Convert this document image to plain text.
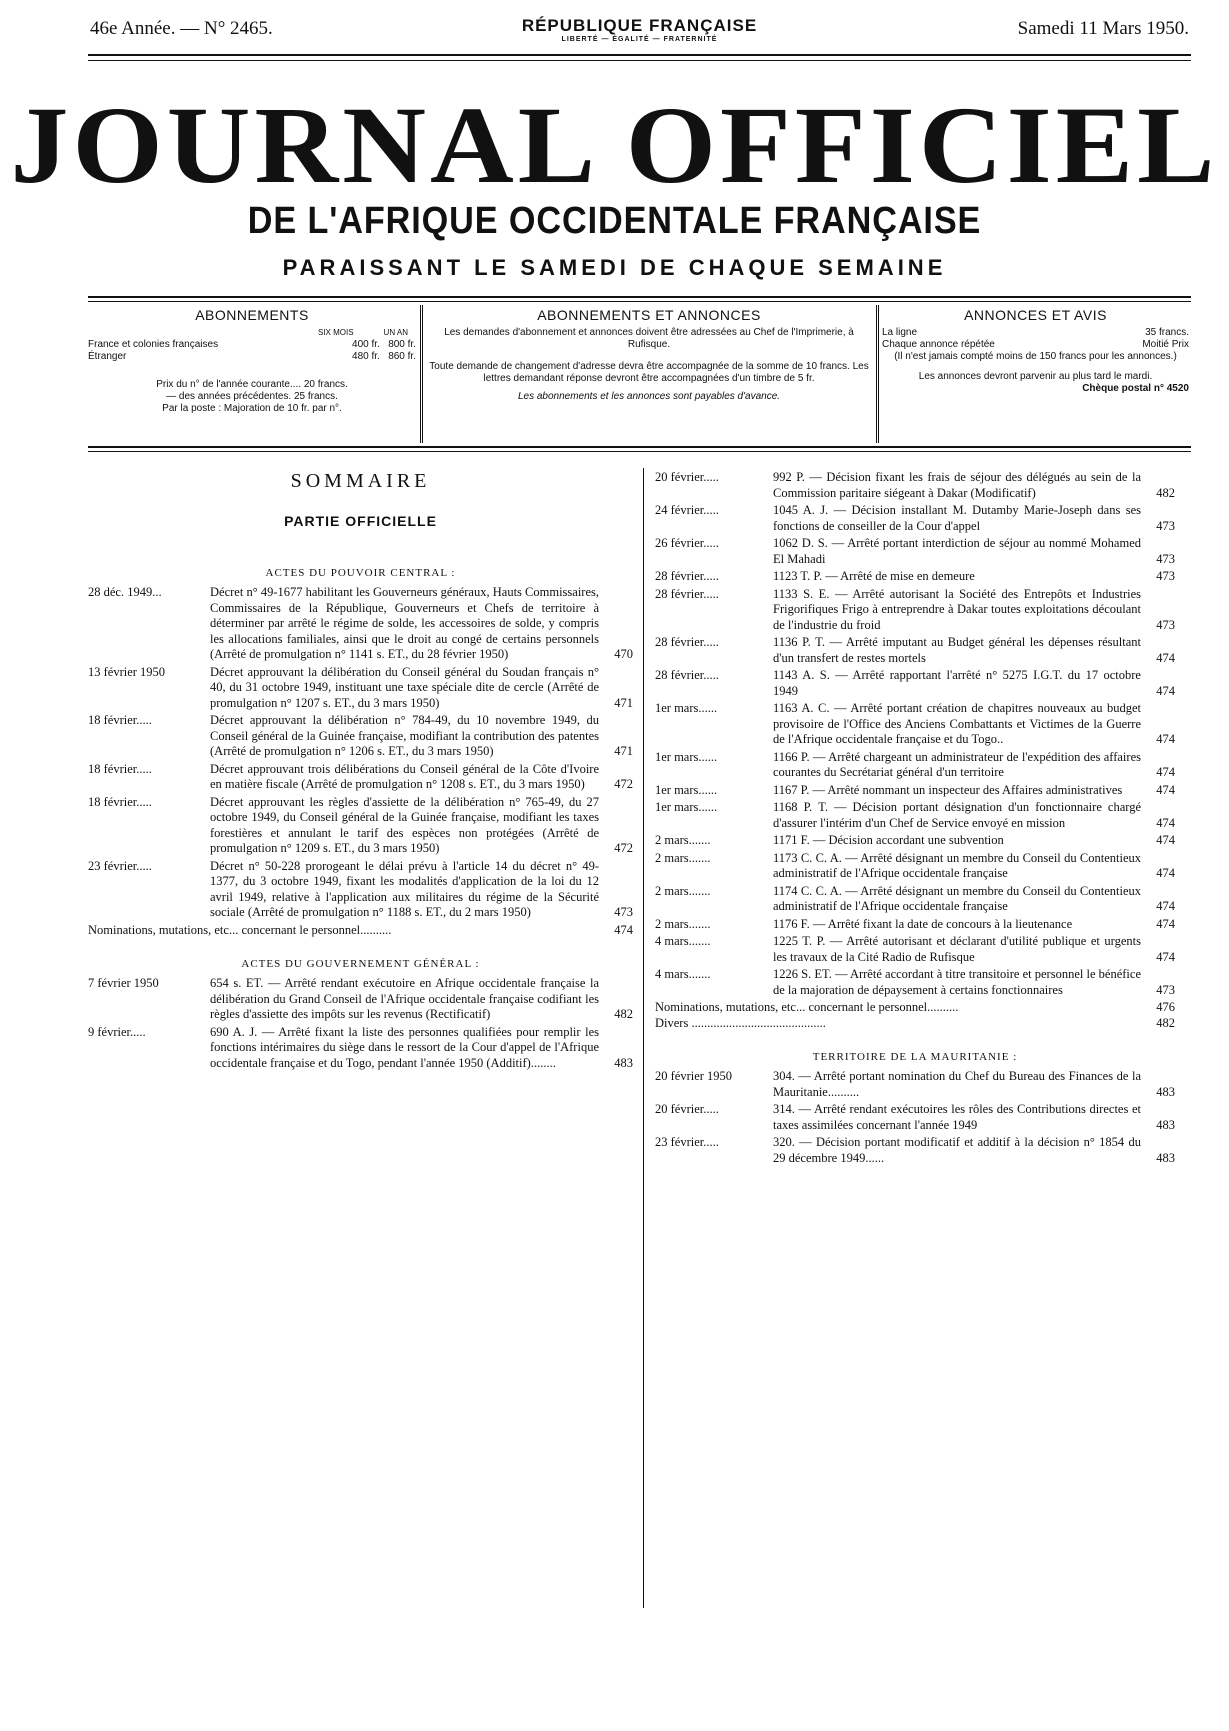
46e Année. — N° 2465.	RÉPUBLIQUE FRANÇAISE
LIBERTÉ — ÉGALITÉ — FRATERNITÉ
Samedi 11 Mars 1950.
JOURNAL OFFICIEL
DE L'AFRIQUE OCCIDENTALE FRANÇAISE
PARAISSANT LE SAMEDI DE CHAQUE SEMAINE
ABONNEMENTS
SIX MOIS	UN AN
France et colonies françaises	400 fr. 800 fr.
Étranger	480 fr. 860 fr.
Prix du n° de l'année courante.... 20 francs.
— des années précédentes. 25 francs.
Par la poste : Majoration de 10 fr. par n°.
ABONNEMENTS ET ANNONCES
Les demandes d'abonnement et annonces doivent être adressées au Chef de l'Imprimerie, à Rufisque.
Toute demande de changement d'adresse devra être accompagnée de la somme de 10 francs. Les lettres demandant réponse devront être accompagnées d'un timbre de 5 fr.
Les abonnements et les annonces sont payables d'avance.
ANNONCES ET AVIS
La ligne	35 francs.
Chaque annonce répétée	Moitié Prix
(Il n'est jamais compté moins de 150 francs pour les annonces.)
Les annonces devront parvenir au plus tard le mardi.
Chèque postal n° 4520
SOMMAIRE
PARTIE OFFICIELLE
ACTES DU POUVOIR CENTRAL :
28 déc. 1949...	Décret n° 49-1677 habilitant les Gouverneurs généraux, Hauts Commissaires, Commissaires de la République, Gouverneurs et Chefs de territoire à déterminer par arrêté le régime de solde, les accessoires de solde, y compris les allocations familiales, ainsi que le droit au congé de certains personnels (Arrêté de promulgation n° 1141 s. ET., du 28 février 1950)	470
13 février 1950	Décret approuvant la délibération du Conseil général du Soudan français n° 40, du 31 octobre 1949, instituant une taxe spéciale dite de cercle (Arrêté de promulgation n° 1207 s. ET., du 3 mars 1950)	471
18 février.....	Décret approuvant la délibération n° 784-49, du 10 novembre 1949, du Conseil général de la Guinée française, modifiant la contribution des patentes (Arrêté de promulgation n° 1206 s. ET., du 3 mars 1950)	471
18 février.....	Décret approuvant trois délibérations du Conseil général de la Côte d'Ivoire en matière fiscale (Arrêté de promulgation n° 1208 s. ET., du 3 mars 1950)	472
18 février.....	Décret approuvant les règles d'assiette de la délibération n° 765-49, du 27 octobre 1949, du Conseil général de la Guinée française, modifiant les taxes forestières et annulant le tarif des espèces non protégées (Arrêté de promulgation n° 1209 s. ET., du 3 mars 1950)	472
23 février.....	Décret n° 50-228 prorogeant le délai prévu à l'article 14 du décret n° 49-1377, du 3 octobre 1949, fixant les modalités d'application de la loi du 12 avril 1949, relative à l'application aux militaires du régime de la Sécurité sociale (Arrêté de promulgation n° 1188 s. ET., du 2 mars 1950)	473
Nominations, mutations, etc... concernant le personnel..........	474
ACTES DU GOUVERNEMENT GÉNÉRAL :
7 février 1950	654 s. ET. — Arrêté rendant exécutoire en Afrique occidentale française la délibération du Grand Conseil de l'Afrique occidentale française codifiant les règles d'assiette des impôts sur les revenus (Rectificatif)	482
9 février.....	690 A. J. — Arrêté fixant la liste des personnes qualifiées pour remplir les fonctions intérimaires du siège dans le ressort de la Cour d'appel de l'Afrique occidentale française et du Togo, pendant l'année 1950 (Additif)........	483
20 février.....	992 P. — Décision fixant les frais de séjour des délégués au sein de la Commission paritaire siégeant à Dakar (Modificatif)	482
24 février.....	1045 A. J. — Décision installant M. Dutamby Marie-Joseph dans ses fonctions de conseiller de la Cour d'appel	473
26 février.....	1062 D. S. — Arrêté portant interdiction de séjour au nommé Mohamed El Mahadi	473
28 février.....	1123 T. P. — Arrêté de mise en demeure	473
28 février.....	1133 S. E. — Arrêté autorisant la Société des Entrepôts et Industries Frigorifiques Frigo à entreprendre à Dakar toutes exploitations découlant de l'industrie du froid	473
28 février.....	1136 P. T. — Arrêté imputant au Budget général les dépenses résultant d'un transfert de restes mortels	474
28 février.....	1143 A. S. — Arrêté rapportant l'arrêté n° 5275 I.G.T. du 17 octobre 1949	474
1er mars......	1163 A. C. — Arrêté portant création de chapitres nouveaux au budget provisoire de l'Office des Anciens Combattants et Victimes de la Guerre de l'Afrique occidentale française et du Togo..	474
1er mars......	1166 P. — Arrêté chargeant un administrateur de l'expédition des affaires courantes du Secrétariat général d'un territoire	474
1er mars......	1167 P. — Arrêté nommant un inspecteur des Affaires administratives	474
1er mars......	1168 P. T. — Décision portant désignation d'un fonctionnaire chargé d'assurer l'intérim d'un Chef de Service envoyé en mission	474
2 mars.......	1171 F. — Décision accordant une subvention	474
2 mars.......	1173 C. C. A. — Arrêté désignant un membre du Conseil du Contentieux administratif de l'Afrique occidentale française	474
2 mars.......	1174 C. C. A. — Arrêté désignant un membre du Conseil du Contentieux administratif de l'Afrique occidentale française	474
2 mars.......	1176 F. — Arrêté fixant la date de concours à la lieutenance	474
4 mars.......	1225 T. P. — Arrêté autorisant et déclarant d'utilité publique et urgents les travaux de la Cité Radio de Rufisque	474
4 mars.......	1226 S. ET. — Arrêté accordant à titre transitoire et personnel le bénéfice de la majoration de dépaysement à certains fonctionnaires	473
Nominations, mutations, etc... concernant le personnel..........	476
Divers ...........................................	482
TERRITOIRE DE LA MAURITANIE :
20 février 1950	304. — Arrêté portant nomination du Chef du Bureau des Finances de la Mauritanie..........	483
20 février.....	314. — Arrêté rendant exécutoires les rôles des Contributions directes et taxes assimilées concernant l'année 1949	483
23 février.....	320. — Décision portant modificatif et additif à la décision n° 1854 du 29 décembre 1949......	483
